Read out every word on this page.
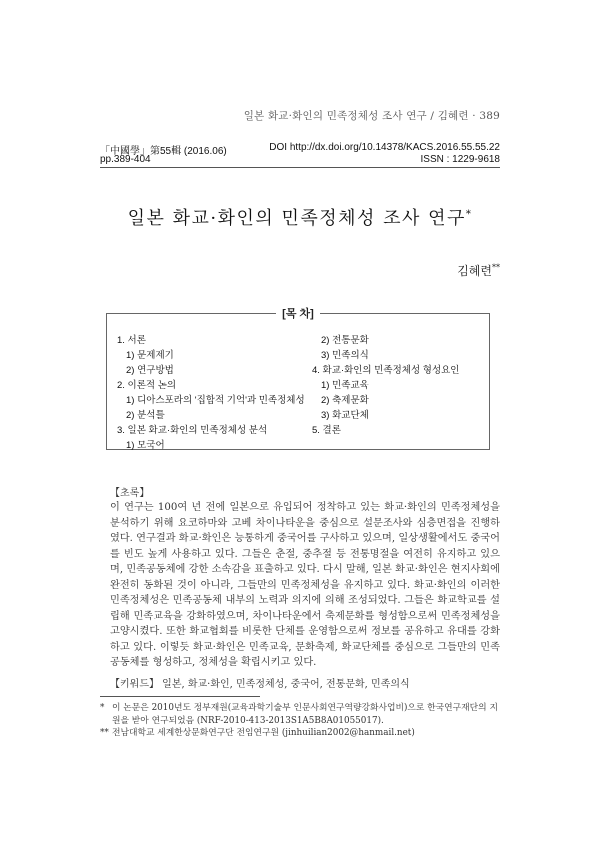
일본 화교·화인의 민족정체성 조사 연구 / 김혜련 · 389
「中國學」第55輯 (2016.06)	DOI http://dx.doi.org/10.14378/KACS.2016.55.55.22
pp.389-404	ISSN : 1229-9618
일본 화교·화인의 민족정체성 조사 연구*
김혜련**
[목 차]
1. 서론
1) 문제제기
2) 연구방법
2. 이론적 논의
1) 디아스포라의 '집합적 기억'과 민족정체성
2) 분석틀
3. 일본 화교·화인의 민족정체성 분석
1) 모국어
2) 전통문화
3) 민족의식
4. 화교·화인의 민족정체성 형성요인
1) 민족교육
2) 축제문화
3) 화교단체
5. 결론
【초록】
이 연구는 100여 년 전에 일본으로 유입되어 정착하고 있는 화교·화인의 민족정체성을 분석하기 위해 요코하마와 고베 차이나타운을 중심으로 설문조사와 심층면접을 진행하였다. 연구결과 화교·화인은 능통하게 중국어를 구사하고 있으며, 일상생활에서도 중국어를 빈도 높게 사용하고 있다. 그들은 춘절, 중추절 등 전통명절을 여전히 유지하고 있으며, 민족공동체에 강한 소속감을 표출하고 있다. 다시 말해, 일본 화교·화인은 현지사회에 완전히 동화된 것이 아니라, 그들만의 민족정체성을 유지하고 있다. 화교·화인의 이러한 민족정체성은 민족공동체 내부의 노력과 의지에 의해 조성되었다. 그들은 화교학교를 설립해 민족교육을 강화하였으며, 차이나타운에서 축제문화를 형성함으로써 민족정체성을 고양시켰다. 또한 화교협회를 비롯한 단체를 운영함으로써 정보를 공유하고 유대를 강화하고 있다. 이렇듯 화교·화인은 민족교육, 문화축제, 화교단체를 중심으로 그들만의 민족공동체를 형성하고, 정체성을 확립시키고 있다.
【키워드】 일본, 화교·화인, 민족정체성, 중국어, 전통문화, 민족의식
* 이 논문은 2010년도 정부재원(교육과학기술부 인문사회연구역량강화사업비)으로 한국연구재단의 지
원을 받아 연구되었음 (NRF-2010-413-2013S1A5B8A01055017).
** 전남대학교 세계한상문화연구단 전임연구원 (jinhuilian2002@hanmail.net)
